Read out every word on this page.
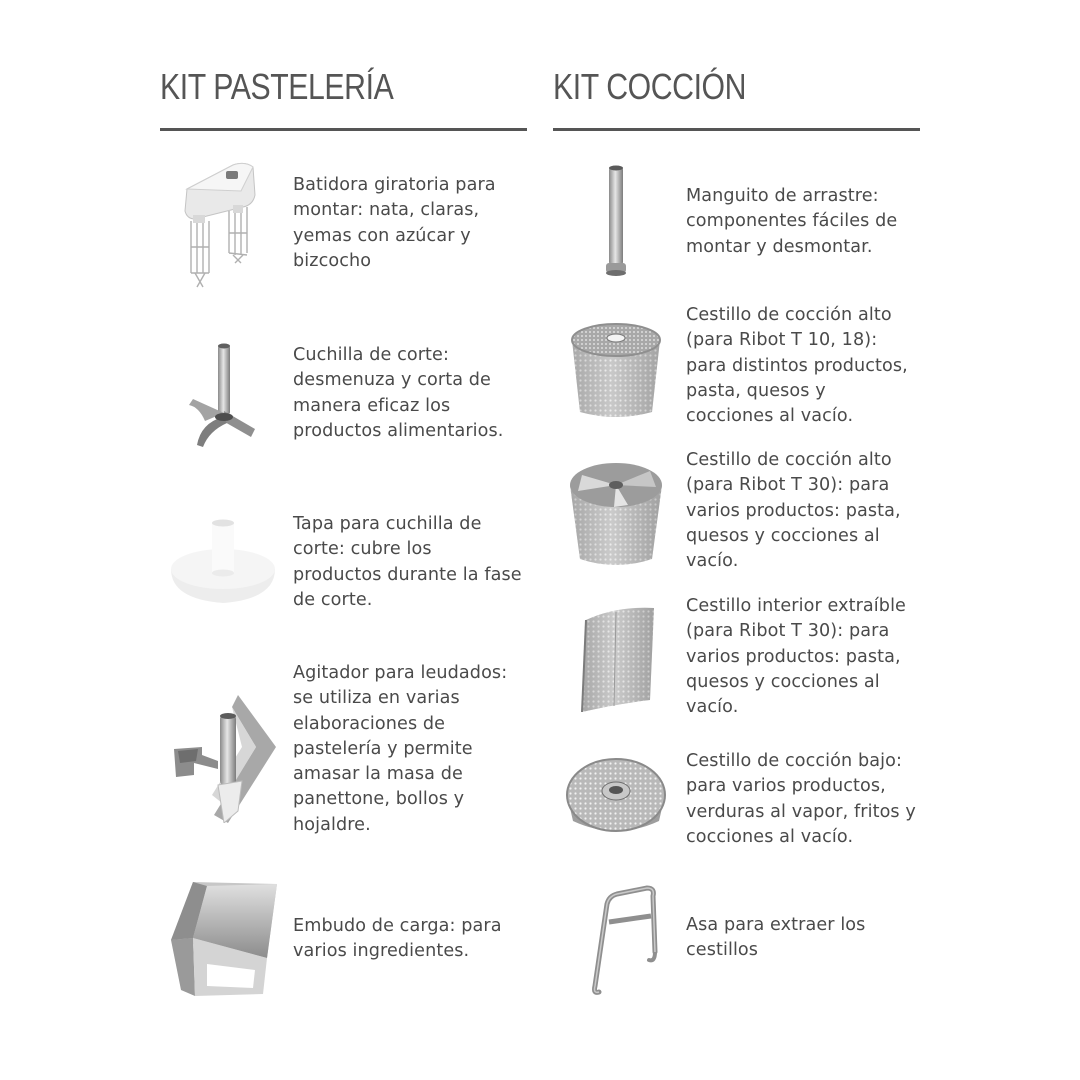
KIT PASTELERÍA
Batidora giratoria para montar: nata, claras, yemas con azúcar y bizcocho
Cuchilla de corte: desmenuza y corta de manera eficaz los productos alimentarios.
Tapa para cuchilla de corte: cubre los productos durante la fase de corte.
Agitador para leudados: se utiliza en varias elaboraciones de pastelería y permite amasar la masa de panettone, bollos y hojaldre.
Embudo de carga: para varios ingredientes.
KIT COCCIÓN
Manguito de arrastre: componentes fáciles de montar y desmontar.
Cestillo de cocción alto (para Ribot T 10, 18): para distintos productos, pasta, quesos y cocciones al vacío.
Cestillo de cocción alto (para Ribot T 30): para varios productos: pasta, quesos y cocciones al vacío.
Cestillo interior extraíble (para Ribot T 30): para varios productos: pasta, quesos y cocciones al vacío.
Cestillo de cocción bajo: para varios productos, verduras al vapor, fritos y cocciones al vacío.
Asa para extraer los cestillos
